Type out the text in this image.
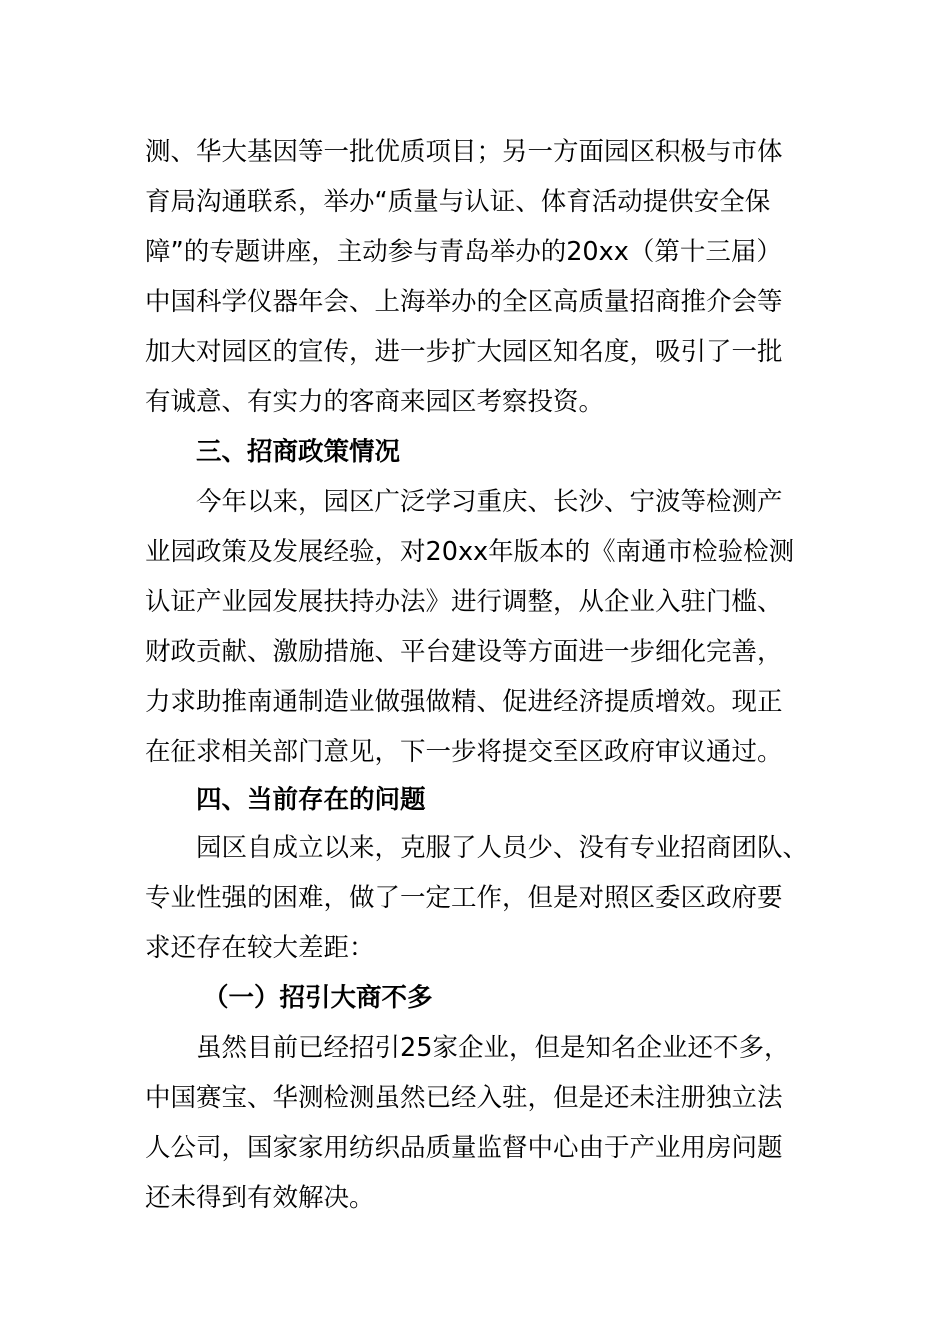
测、华大基因等一批优质项目；另一方面园区积极与市体
育局沟通联系，举办“质量与认证、体育活动提供安全保
障”的专题讲座，主动参与青岛举办的20xx（第十三届）
中国科学仪器年会、上海举办的全区高质量招商推介会等
加大对园区的宣传，进一步扩大园区知名度，吸引了一批
有诚意、有实力的客商来园区考察投资。
三、招商政策情况
今年以来，园区广泛学习重庆、长沙、宁波等检测产
业园政策及发展经验，对20xx年版本的《南通市检验检测
认证产业园发展扶持办法》进行调整，从企业入驻门槛、
财政贡献、激励措施、平台建设等方面进一步细化完善，
力求助推南通制造业做强做精、促进经济提质增效。现正
在征求相关部门意见，下一步将提交至区政府审议通过。
四、当前存在的问题
园区自成立以来，克服了人员少、没有专业招商团队、
专业性强的困难，做了一定工作，但是对照区委区政府要
求还存在较大差距：
（一）招引大商不多
虽然目前已经招引25家企业，但是知名企业还不多，
中国赛宝、华测检测虽然已经入驻，但是还未注册独立法
人公司，国家家用纺织品质量监督中心由于产业用房问题
还未得到有效解决。
